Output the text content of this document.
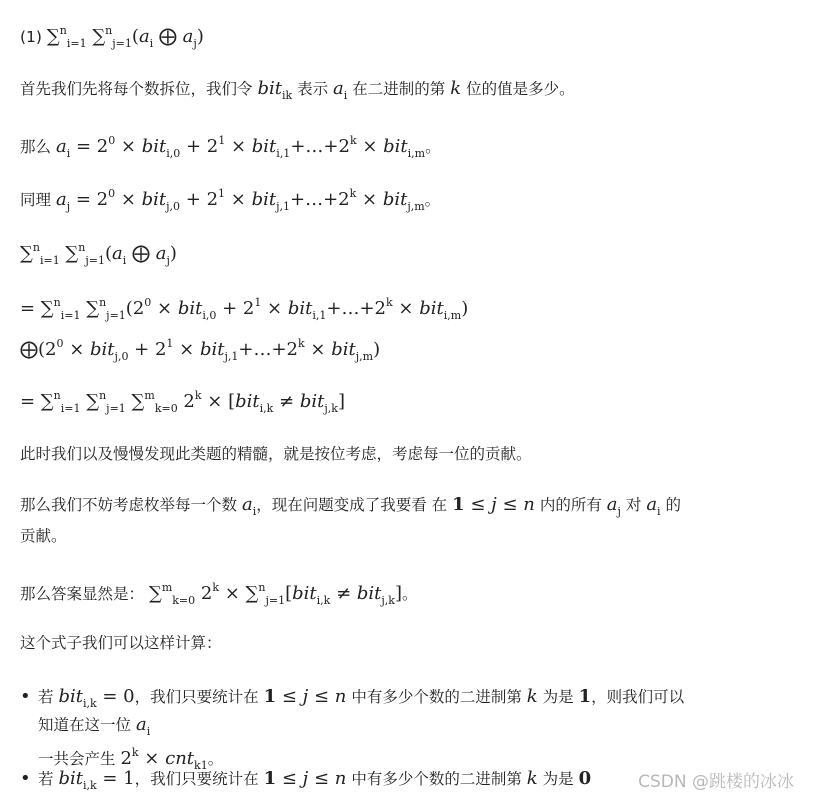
(1) ∑$^n_{i=1}$ $\sum^n_{j=1}(a_i$ ⨁ $a_j$)
首先我们先将每个数拆位，我们令 bit$_{ik}$ 表示 $a_i$ 在二进制的第 k 位的值是多少。
那么 $a_i = 2^0 \times bit_{i,0} + 2^1$ × $bit_{i,1}+\dots+2^k \times bit_{i,m}$。
同理 $a_j = 2^0 \times bit_{j,0} + 2^1$ × $bit_{j,1}+\dots+2^k \times bit_{j,m}$。
∑$^n_{i=1}$ $\sum^n_{j=1}(a_i$ ⨁ $a_j$)
= ∑$^n_{i=1}$ $\sum^n_{j=1}(2^0 \times bit_{i,0} + 2^1$ × $bit_{i,1}+\dots+2^k \times bit_{i,m}$)
$⨁(2^0 \times bit_{j,0} + 2^1$ × $bit_{j,1}+\dots+2^k \times bit_{j,m}$)
= ∑$^n_{i=1}$ ∑$^n_{j=1}$ ∑$^m_{k=0}$ $2^k \times [bit_{i,k} \ne bit_{j,k}]$
此时我们以及慢慢发现此类题的精髓，就是按位考虑，考虑每一位的贡献。
那么我们不妨考虑枚举每一个数 $a_i$，现在问题变成了我要看 在 1 ≤ j ≤ n 内的所有 $a_j$ 对 $a_i$ 的
贡献。
那么答案显然是： ∑$^m_{k=0}$ $2^k \times \sum^n_{j=1}[bit_{i,k} \ne bit_{j,k}]$。
这个式子我们可以这样计算：
• 若 bit$_{i,k}$ = 0，我们只要统计在 1 ≤ j ≤ n 中有多少个数的二进制第 k 为是 1，则我们可以
知道在这一位 $a_i$
一共会产生 $2^k \times cnt_{k1}$。
• 若 bit$_{i,k}$ = 1，我们只要统计在 1 ≤ j ≤ n 中有多少个数的二进制第 k 为是 0	CSDN @跳楼的冰冰
